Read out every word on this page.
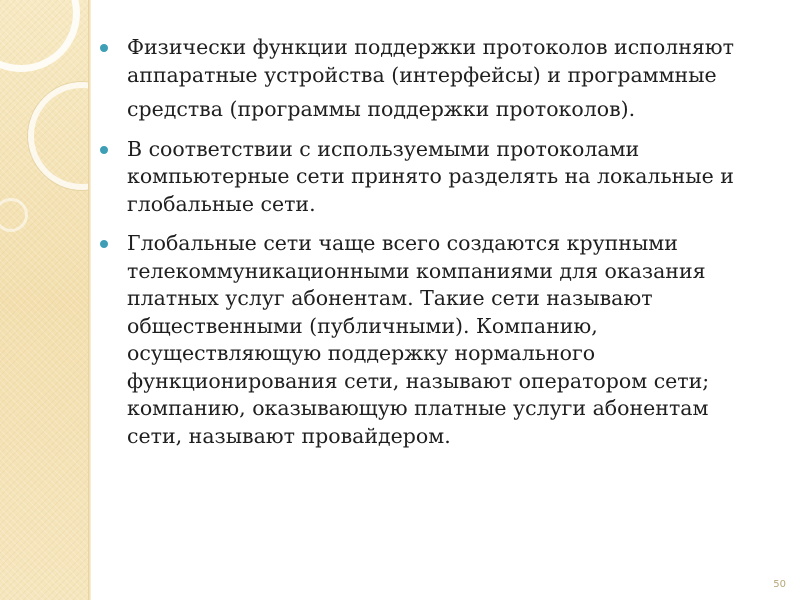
Физически функции поддержки протоколов исполняют
аппаратные устройства (интерфейсы) и программные
средства (программы поддержки протоколов).
В соответствии с используемыми протоколами
компьютерные сети принято разделять на локальные и
глобальные сети.
Глобальные сети чаще всего создаются крупными
телекоммуникационными компаниями для оказания
платных услуг абонентам. Такие сети называют
общественными (публичными). Компанию,
осуществляющую поддержку нормального
функционирования сети, называют оператором сети;
компанию, оказывающую платные услуги абонентам
сети, называют провайдером.
50
